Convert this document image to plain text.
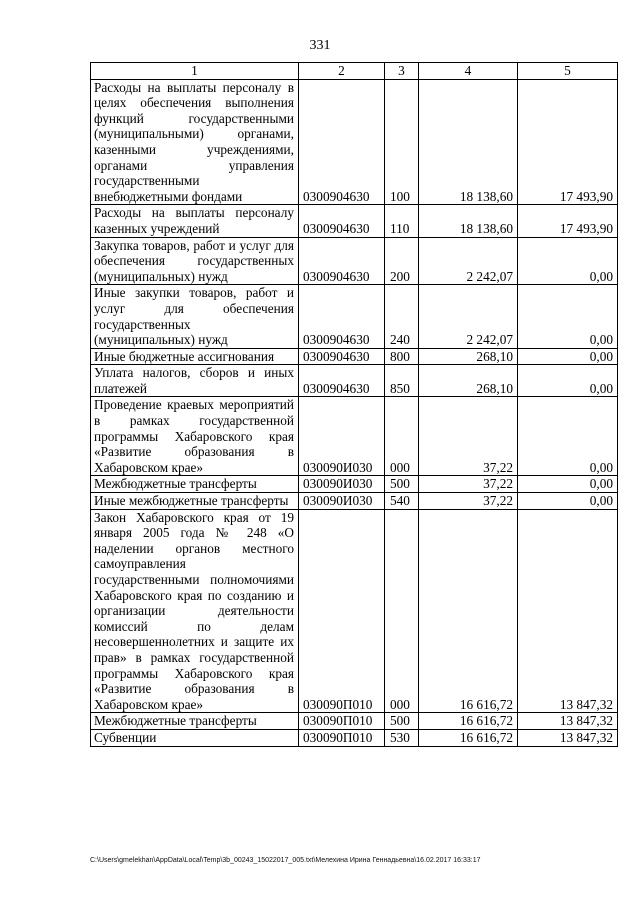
331
1	2	3	4	5
Расходы на выплаты персоналу в целях обеспечения выполнения функций государственными (муниципальными) органами, казенными учреждениями, органами управления государственными внебюджетными фондами	0300904630	100	18 138,60	17 493,90
Расходы на выплаты персоналу казенных учреждений	0300904630	110	18 138,60	17 493,90
Закупка товаров, работ и услуг для обеспечения государственных (муниципальных) нужд	0300904630	200	2 242,07	0,00
Иные закупки товаров, работ и услуг для обеспечения государственных (муниципальных) нужд	0300904630	240	2 242,07	0,00
Иные бюджетные ассигнования	0300904630	800	268,10	0,00
Уплата налогов, сборов и иных платежей	0300904630	850	268,10	0,00
Проведение краевых мероприятий в рамках государственной программы Хабаровского края «Развитие образования в Хабаровском крае»	030090И030	000	37,22	0,00
Межбюджетные трансферты	030090И030	500	37,22	0,00
Иные межбюджетные трансферты	030090И030	540	37,22	0,00
Закон Хабаровского края от 19 января 2005 года № 248 «О наделении органов местного самоуправления государственными полномочиями Хабаровского края по созданию и организации деятельности комиссий по делам несовершеннолетних и защите их прав» в рамках государственной программы Хабаровского края «Развитие образования в Хабаровском крае»	030090П010	000	16 616,72	13 847,32
Межбюджетные трансферты	030090П010	500	16 616,72	13 847,32
Субвенции	030090П010	530	16 616,72	13 847,32
C:\Users\gmelekhan\AppData\Local\Temp\3b_00243_15022017_005.txt\Мелехина Ирина Геннадьевна\16.02.2017 16:33:17
